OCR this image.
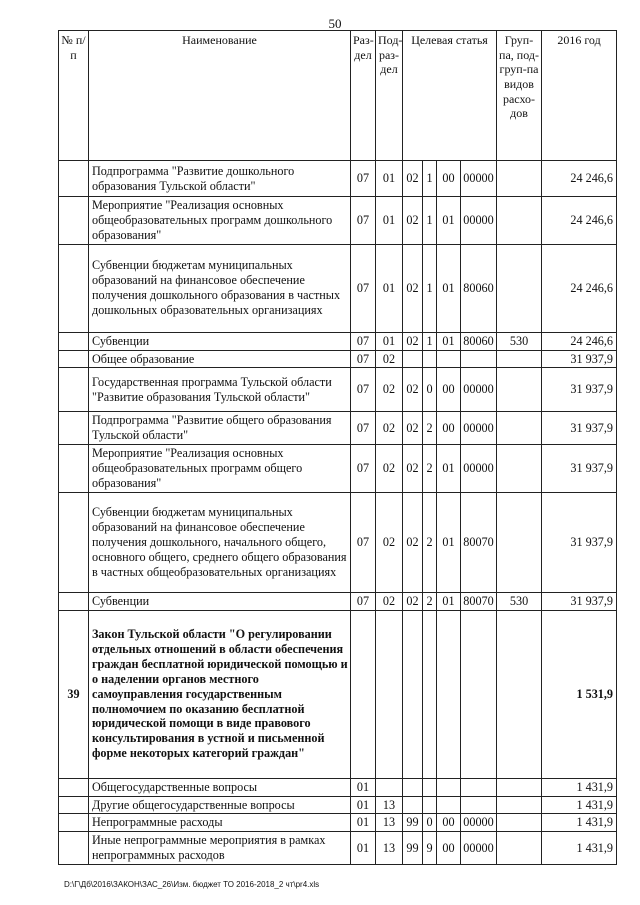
50
№ п/п	Наименование	Раз-дел	Под-раз-дел	Целевая статья				Груп-па, под-груп-па видов расхо-дов	2016 год
	Подпрограмма "Развитие дошкольного образования Тульской области"	07	01	02	1	00	00000		24 246,6
	Мероприятие "Реализация основных общеобразовательных программ дошкольного образования"	07	01	02	1	01	00000		24 246,6
	Субвенции бюджетам муниципальных образований на финансовое обеспечение получения дошкольного образования в частных дошкольных образовательных организациях	07	01	02	1	01	80060		24 246,6
	Субвенции	07	01	02	1	01	80060	530	24 246,6
	Общее образование	07	02						31 937,9
	Государственная программа Тульской области "Развитие образования Тульской области"	07	02	02	0	00	00000		31 937,9
	Подпрограмма "Развитие общего образования Тульской области"	07	02	02	2	00	00000		31 937,9
	Мероприятие "Реализация основных общеобразовательных программ общего образования"	07	02	02	2	01	00000		31 937,9
	Субвенции бюджетам муниципальных образований на финансовое обеспечение получения дошкольного, начального общего, основного общего, среднего общего образования в частных общеобразовательных организациях	07	02	02	2	01	80070		31 937,9
	Субвенции	07	02	02	2	01	80070	530	31 937,9
39	Закон Тульской области "О регулировании отдельных отношений в области обеспечения граждан бесплатной юридической помощью и о наделении органов местного самоуправления государственным полномочием по оказанию бесплатной юридической помощи в виде правового консультирования в устной и письменной форме некоторых категорий граждан"								1 531,9
	Общегосударственные вопросы	01							1 431,9
	Другие общегосударственные вопросы	01	13						1 431,9
	Непрограммные расходы	01	13	99	0	00	00000		1 431,9
	Иные непрограммные мероприятия в рамках непрограммных расходов	01	13	99	9	00	00000		1 431,9
D:\Г\Дб\2016\ЗАКОН\ЗАС_26\Изм. бюджет ТО 2016-2018_2 чт\pr4.xls
